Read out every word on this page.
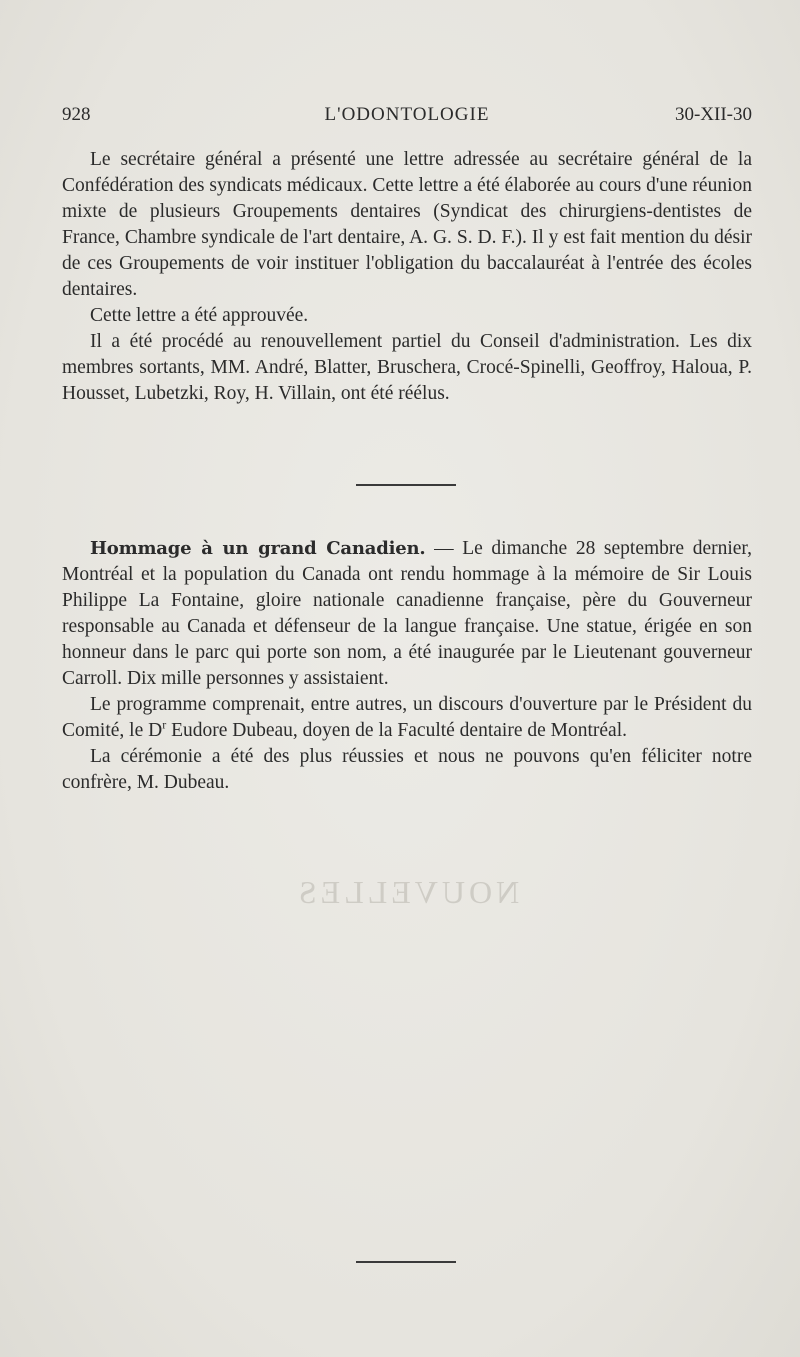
928	L'ODONTOLOGIE	30-XII-30

Le secrétaire général a présenté une lettre adressée au secrétaire général de la Confédération des syndicats médicaux. Cette lettre a été élaborée au cours d'une réunion mixte de plusieurs Groupements dentaires (Syndicat des chirurgiens-dentistes de France, Chambre syndicale de l'art dentaire, A. G. S. D. F.). Il y est fait mention du désir de ces Groupements de voir instituer l'obligation du baccalauréat à l'entrée des écoles dentaires.

Cette lettre a été approuvée.

Il a été procédé au renouvellement partiel du Conseil d'administration. Les dix membres sortants, MM. André, Blatter, Bruschera, Crocé-Spinelli, Geoffroy, Haloua, P. Housset, Lubetzki, Roy, H. Villain, ont été réélus.

Hommage à un grand Canadien. — Le dimanche 28 septembre dernier, Montréal et la population du Canada ont rendu hommage à la mémoire de Sir Louis Philippe La Fontaine, gloire nationale canadienne française, père du Gouverneur responsable au Canada et défenseur de la langue française. Une statue, érigée en son honneur dans le parc qui porte son nom, a été inaugurée par le Lieutenant gouverneur Carroll. Dix mille personnes y assistaient.

Le programme comprenait, entre autres, un discours d'ouverture par le Président du Comité, le $D^r$ Eudore Dubeau, doyen de la Faculté dentaire de Montréal.

La cérémonie a été des plus réussies et nous ne pouvons qu'en féliciter notre confrère, M. Dubeau.

NOUVELLES
